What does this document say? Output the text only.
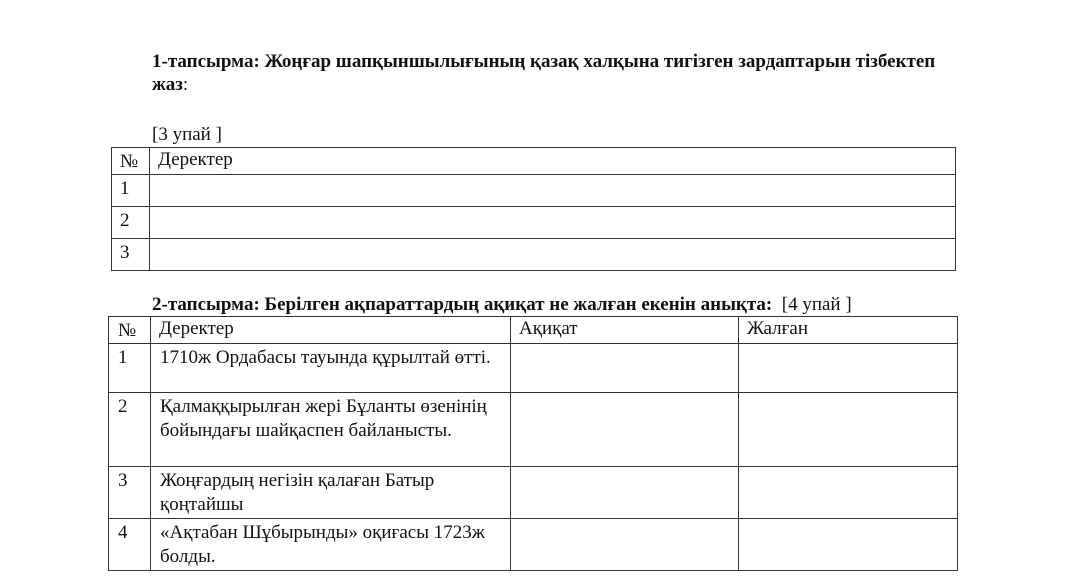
1-тапсырма: Жоңғар шапқыншылығының қазақ халқына тигізген зардаптарын тізбектеп жаз:
[3 упай ]
№	Деректер
1	
2	
3	
2-тапсырма: Берілген ақпараттардың ақиқат не жалған екенін анықта: [4 упай ]
№	Деректер	Ақиқат	Жалған
1	1710ж Ордабасы тауында құрылтай өтті.		
2	Қалмаққырылған жері Бұланты өзенінің бойындағы шайқаспен байланысты.		
3	Жоңғардың негізін қалаған Батыр қоңтайшы		
4	«Ақтабан Шұбырынды» оқиғасы 1723ж болды.		
